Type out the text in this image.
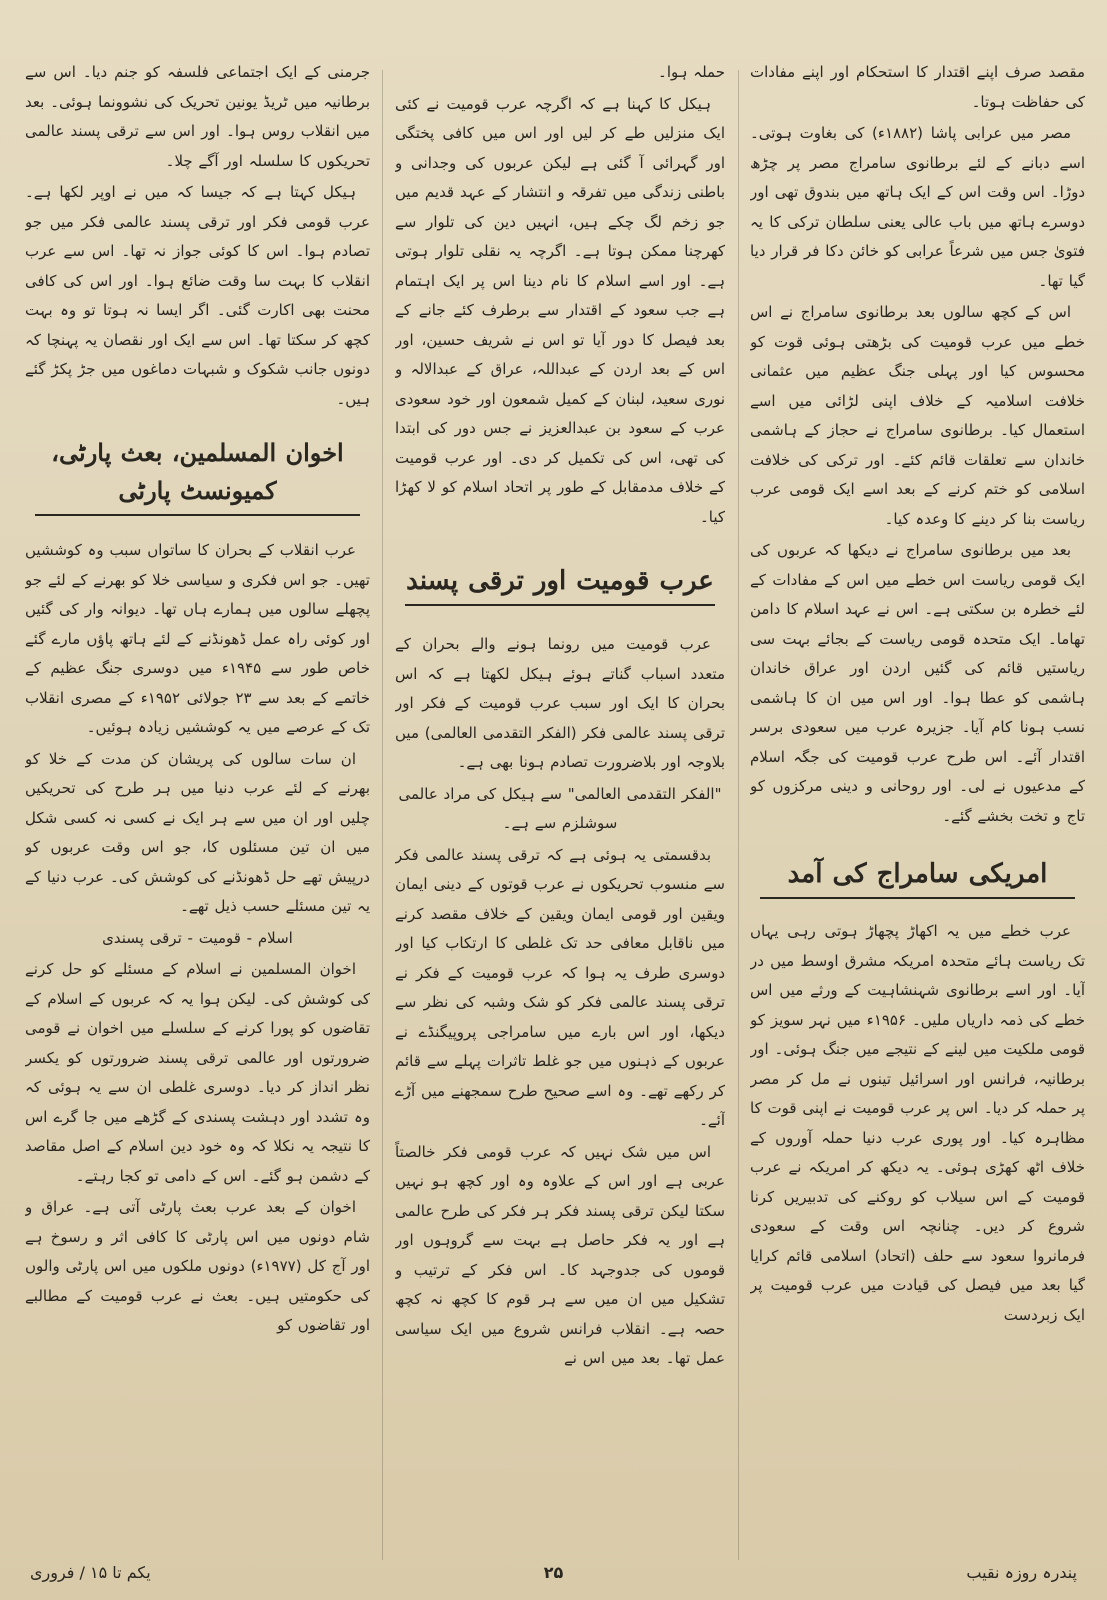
مقصد صرف اپنے اقتدار کا استحکام اور اپنے مفادات کی حفاظت ہوتا۔

مصر میں عرابی پاشا (۱۸۸۲ء) کی بغاوت ہوتی۔ اسے دبانے کے لئے برطانوی سامراج مصر پر چڑھ دوڑا۔ اس وقت اس کے ایک ہاتھ میں بندوق تھی اور دوسرے ہاتھ میں باب عالی یعنی سلطان ترکی کا یہ فتویٰ جس میں شرعاً عرابی کو خائن دکا فر قرار دیا گیا تھا۔

اس کے کچھ سالوں بعد برطانوی سامراج نے اس خطے میں عرب قومیت کی بڑھتی ہوئی قوت کو محسوس کیا اور پہلی جنگ عظیم میں عثمانی خلافت اسلامیہ کے خلاف اپنی لڑائی میں اسے استعمال کیا۔ برطانوی سامراج نے حجاز کے ہاشمی خاندان سے تعلقات قائم کئے۔ اور ترکی کی خلافت اسلامی کو ختم کرنے کے بعد اسے ایک قومی عرب ریاست بنا کر دینے کا وعدہ کیا۔

بعد میں برطانوی سامراج نے دیکھا کہ عربوں کی ایک قومی ریاست اس خطے میں اس کے مفادات کے لئے خطرہ بن سکتی ہے۔ اس نے عہد اسلام کا دامن تھاما۔ ایک متحدہ قومی ریاست کے بجائے بہت سی ریاستیں قائم کی گئیں اردن اور عراق خاندان ہاشمی کو عطا ہوا۔ اور اس میں ان کا ہاشمی نسب ہونا کام آیا۔ جزیرہ عرب میں سعودی برسر اقتدار آئے۔ اس طرح عرب قومیت کی جگہ اسلام کے مدعیوں نے لی۔ اور روحانی و دینی مرکزوں کو تاج و تخت بخشے گئے۔

امریکی سامراج کی آمد

عرب خطے میں یہ اکھاڑ پچھاڑ ہوتی رہی یہاں تک ریاست ہائے متحدہ امریکہ مشرق اوسط میں در آیا۔ اور اسے برطانوی شہنشاہیت کے ورثے میں اس خطے کی ذمہ داریاں ملیں۔ ۱۹۵۶ء میں نہر سویز کو قومی ملکیت میں لینے کے نتیجے میں جنگ ہوئی۔ اور برطانیہ، فرانس اور اسرائیل تینوں نے مل کر مصر پر حملہ کر دیا۔ اس پر عرب قومیت نے اپنی قوت کا مظاہرہ کیا۔ اور پوری عرب دنیا حملہ آوروں کے خلاف اٹھ کھڑی ہوئی۔ یہ دیکھ کر امریکہ نے عرب قومیت کے اس سیلاب کو روکنے کی تدبیریں کرنا شروع کر دیں۔ چنانچہ اس وقت کے سعودی فرمانروا سعود سے حلف (اتحاد) اسلامی قائم کرایا گیا بعد میں فیصل کی قیادت میں عرب قومیت پر ایک زبردست

حملہ ہوا۔

ہیکل کا کہنا ہے کہ اگرچہ عرب قومیت نے کئی ایک منزلیں طے کر لیں اور اس میں کافی پختگی اور گہرائی آ گئی ہے لیکن عربوں کی وجدانی و باطنی زندگی میں تفرقہ و انتشار کے عہد قدیم میں جو زخم لگ چکے ہیں، انہیں دین کی تلوار سے کھرچنا ممکن ہوتا ہے۔ اگرچہ یہ نقلی تلوار ہوتی ہے۔ اور اسے اسلام کا نام دینا اس پر ایک اہتمام ہے جب سعود کے اقتدار سے برطرف کئے جانے کے بعد فیصل کا دور آیا تو اس نے شریف حسین، اور اس کے بعد اردن کے عبداللہ، عراق کے عبدالالہ و نوری سعید، لبنان کے کمیل شمعون اور خود سعودی عرب کے سعود بن عبدالعزیز نے جس دور کی ابتدا کی تھی، اس کی تکمیل کر دی۔ اور عرب قومیت کے خلاف مدمقابل کے طور پر اتحاد اسلام کو لا کھڑا کیا۔

عرب قومیت اور ترقی پسند

عرب قومیت میں رونما ہونے والے بحران کے متعدد اسباب گناتے ہوئے ہیکل لکھتا ہے کہ اس بحران کا ایک اور سبب عرب قومیت کے فکر اور ترقی پسند عالمی فکر (الفکر التقدمی العالمی) میں بلاوجہ اور بلاضرورت تصادم ہونا بھی ہے۔

"الفکر التقدمی العالمی" سے ہیکل کی مراد عالمی سوشلزم سے ہے۔

بدقسمتی یہ ہوئی ہے کہ ترقی پسند عالمی فکر سے منسوب تحریکوں نے عرب قوتوں کے دینی ایمان ویقین اور قومی ایمان ویقین کے خلاف مقصد کرنے میں ناقابل معافی حد تک غلطی کا ارتکاب کیا اور دوسری طرف یہ ہوا کہ عرب قومیت کے فکر نے ترقی پسند عالمی فکر کو شک وشبہ کی نظر سے دیکھا، اور اس بارے میں سامراجی پروپیگنڈے نے عربوں کے ذہنوں میں جو غلط تاثرات پہلے سے قائم کر رکھے تھے۔ وہ اسے صحیح طرح سمجھنے میں آڑے آئے۔

اس میں شک نہیں کہ عرب قومی فکر خالصتاً عربی ہے اور اس کے علاوہ وہ اور کچھ ہو نہیں سکتا لیکن ترقی پسند فکر ہر فکر کی طرح عالمی ہے اور یہ فکر حاصل ہے بہت سے گروہوں اور قوموں کی جدوجہد کا۔ اس فکر کے ترتیب و تشکیل میں ان میں سے ہر قوم کا کچھ نہ کچھ حصہ ہے۔ انقلاب فرانس شروع میں ایک سیاسی عمل تھا۔ بعد میں اس نے

جرمنی کے ایک اجتماعی فلسفہ کو جنم دیا۔ اس سے برطانیہ میں ٹریڈ یونین تحریک کی نشوونما ہوئی۔ بعد میں انقلاب روس ہوا۔ اور اس سے ترقی پسند عالمی تحریکوں کا سلسلہ اور آگے چلا۔

ہیکل کہتا ہے کہ جیسا کہ میں نے اوپر لکھا ہے۔ عرب قومی فکر اور ترقی پسند عالمی فکر میں جو تصادم ہوا۔ اس کا کوئی جواز نہ تھا۔ اس سے عرب انقلاب کا بہت سا وقت ضائع ہوا۔ اور اس کی کافی محنت بھی اکارت گئی۔ اگر ایسا نہ ہوتا تو وہ بہت کچھ کر سکتا تھا۔ اس سے ایک اور نقصان یہ پہنچا کہ دونوں جانب شکوک و شبہات دماغوں میں جڑ پکڑ گئے ہیں۔

اخوان المسلمین، بعث پارٹی، کمیونسٹ پارٹی

عرب انقلاب کے بحران کا ساتواں سبب وہ کوششیں تھیں۔ جو اس فکری و سیاسی خلا کو بھرنے کے لئے جو پچھلے سالوں میں ہمارے ہاں تھا۔ دیوانہ وار کی گئیں اور کوئی راہ عمل ڈھونڈنے کے لئے ہاتھ پاؤں مارے گئے خاص طور سے ۱۹۴۵ء میں دوسری جنگ عظیم کے خاتمے کے بعد سے ۲۳ جولائی ۱۹۵۲ء کے مصری انقلاب تک کے عرصے میں یہ کوششیں زیادہ ہوئیں۔

ان سات سالوں کی پریشان کن مدت کے خلا کو بھرنے کے لئے عرب دنیا میں ہر طرح کی تحریکیں چلیں اور ان میں سے ہر ایک نے کسی نہ کسی شکل میں ان تین مسئلوں کا، جو اس وقت عربوں کو درپیش تھے حل ڈھونڈنے کی کوشش کی۔ عرب دنیا کے یہ تین مسئلے حسب ذیل تھے۔

اسلام - قومیت - ترقی پسندی

اخوان المسلمین نے اسلام کے مسئلے کو حل کرنے کی کوشش کی۔ لیکن ہوا یہ کہ عربوں کے اسلام کے تقاضوں کو پورا کرنے کے سلسلے میں اخوان نے قومی ضرورتوں اور عالمی ترقی پسند ضرورتوں کو یکسر نظر انداز کر دیا۔ دوسری غلطی ان سے یہ ہوئی کہ وہ تشدد اور دہشت پسندی کے گڑھے میں جا گرے اس کا نتیجہ یہ نکلا کہ وہ خود دین اسلام کے اصل مقاصد کے دشمن ہو گئے۔ اس کے دامی تو کجا رہتے۔

اخوان کے بعد عرب بعث پارٹی آتی ہے۔ عراق و شام دونوں میں اس پارٹی کا کافی اثر و رسوخ ہے اور آج کل (۱۹۷۷ء) دونوں ملکوں میں اس پارٹی والوں کی حکومتیں ہیں۔ بعث نے عرب قومیت کے مطالبے اور تقاضوں کو

پندرہ روزہ نقیب
۲۵
یکم تا ۱۵ / فروری
